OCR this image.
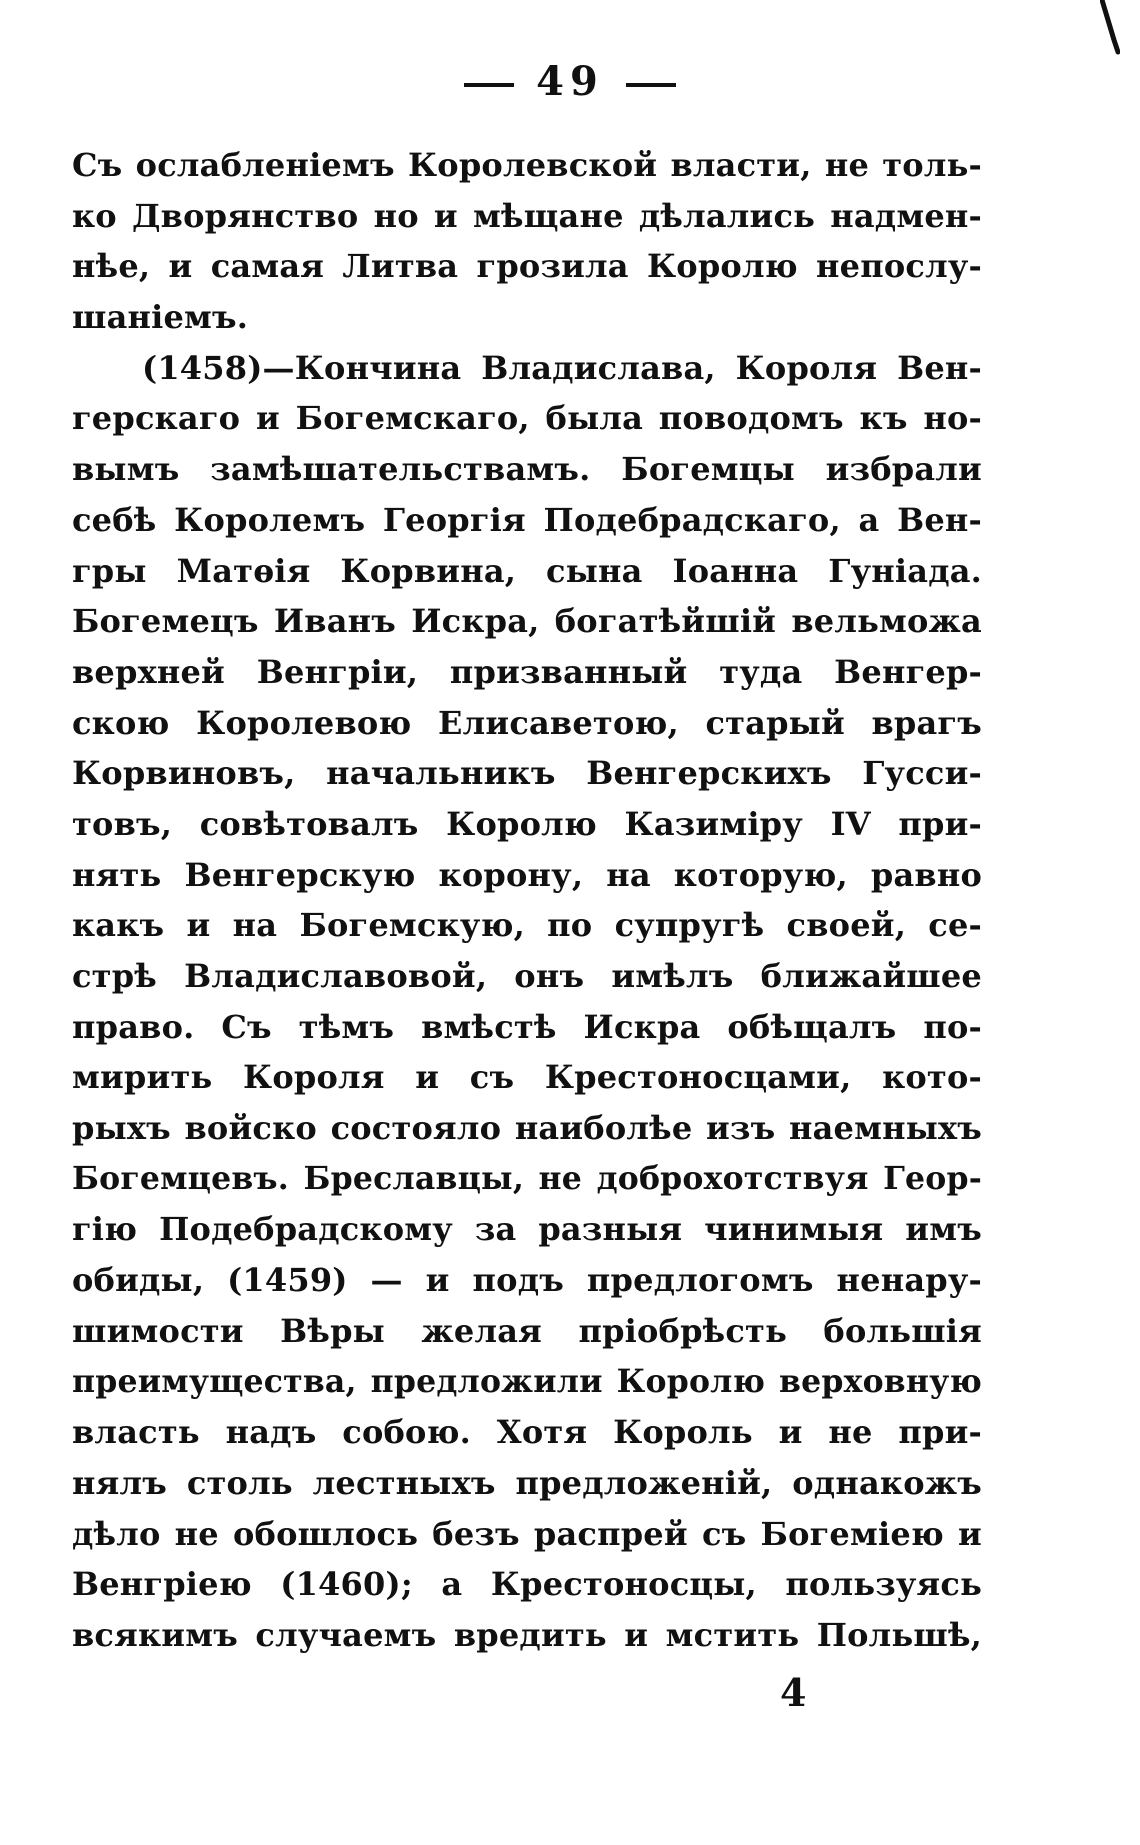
49
Съ ослабленіемъ Королевской власти, не толь-
ко Дворянство но и мѣщане дѣлались надмен-
нѣе, и самая Литва грозила Королю непослу-
шаніемъ.
(1458)—Кончина Владислава, Короля Вен-
герскаго и Богемскаго, была поводомъ къ но-
вымъ замѣшательствамъ. Богемцы избрали
себѣ Королемъ Георгія Подебрадскаго, а Вен-
гры Матѳія Корвина, сына Іоанна Гуніада.
Богемецъ Иванъ Искра, богатѣйшій вельможа
верхней Венгріи, призванный туда Венгер-
скою Королевою Елисаветою, старый врагъ
Корвиновъ, начальникъ Венгерскихъ Гусси-
товъ, совѣтовалъ Королю Казиміру IV при-
нять Венгерскую корону, на которую, равно
какъ и на Богемскую, по супругѣ своей, се-
стрѣ Владиславовой, онъ имѣлъ ближайшее
право. Съ тѣмъ вмѣстѣ Искра обѣщалъ по-
мирить Короля и съ Крестоносцами, кото-
рыхъ войско состояло наиболѣе изъ наемныхъ
Богемцевъ. Бреславцы, не доброхотствуя Геор-
гію Подебрадскому за разныя чинимыя имъ
обиды, (1459) — и подъ предлогомъ ненару-
шимости Вѣры желая пріобрѣсть большія
преимущества, предложили Королю верховную
власть надъ собою. Хотя Король и не при-
нялъ столь лестныхъ предложеній, однакожъ
дѣло не обошлось безъ распрей съ Богеміею и
Венгріею (1460); а Крестоносцы, пользуясь
всякимъ случаемъ вредить и мстить Польшѣ,
4
